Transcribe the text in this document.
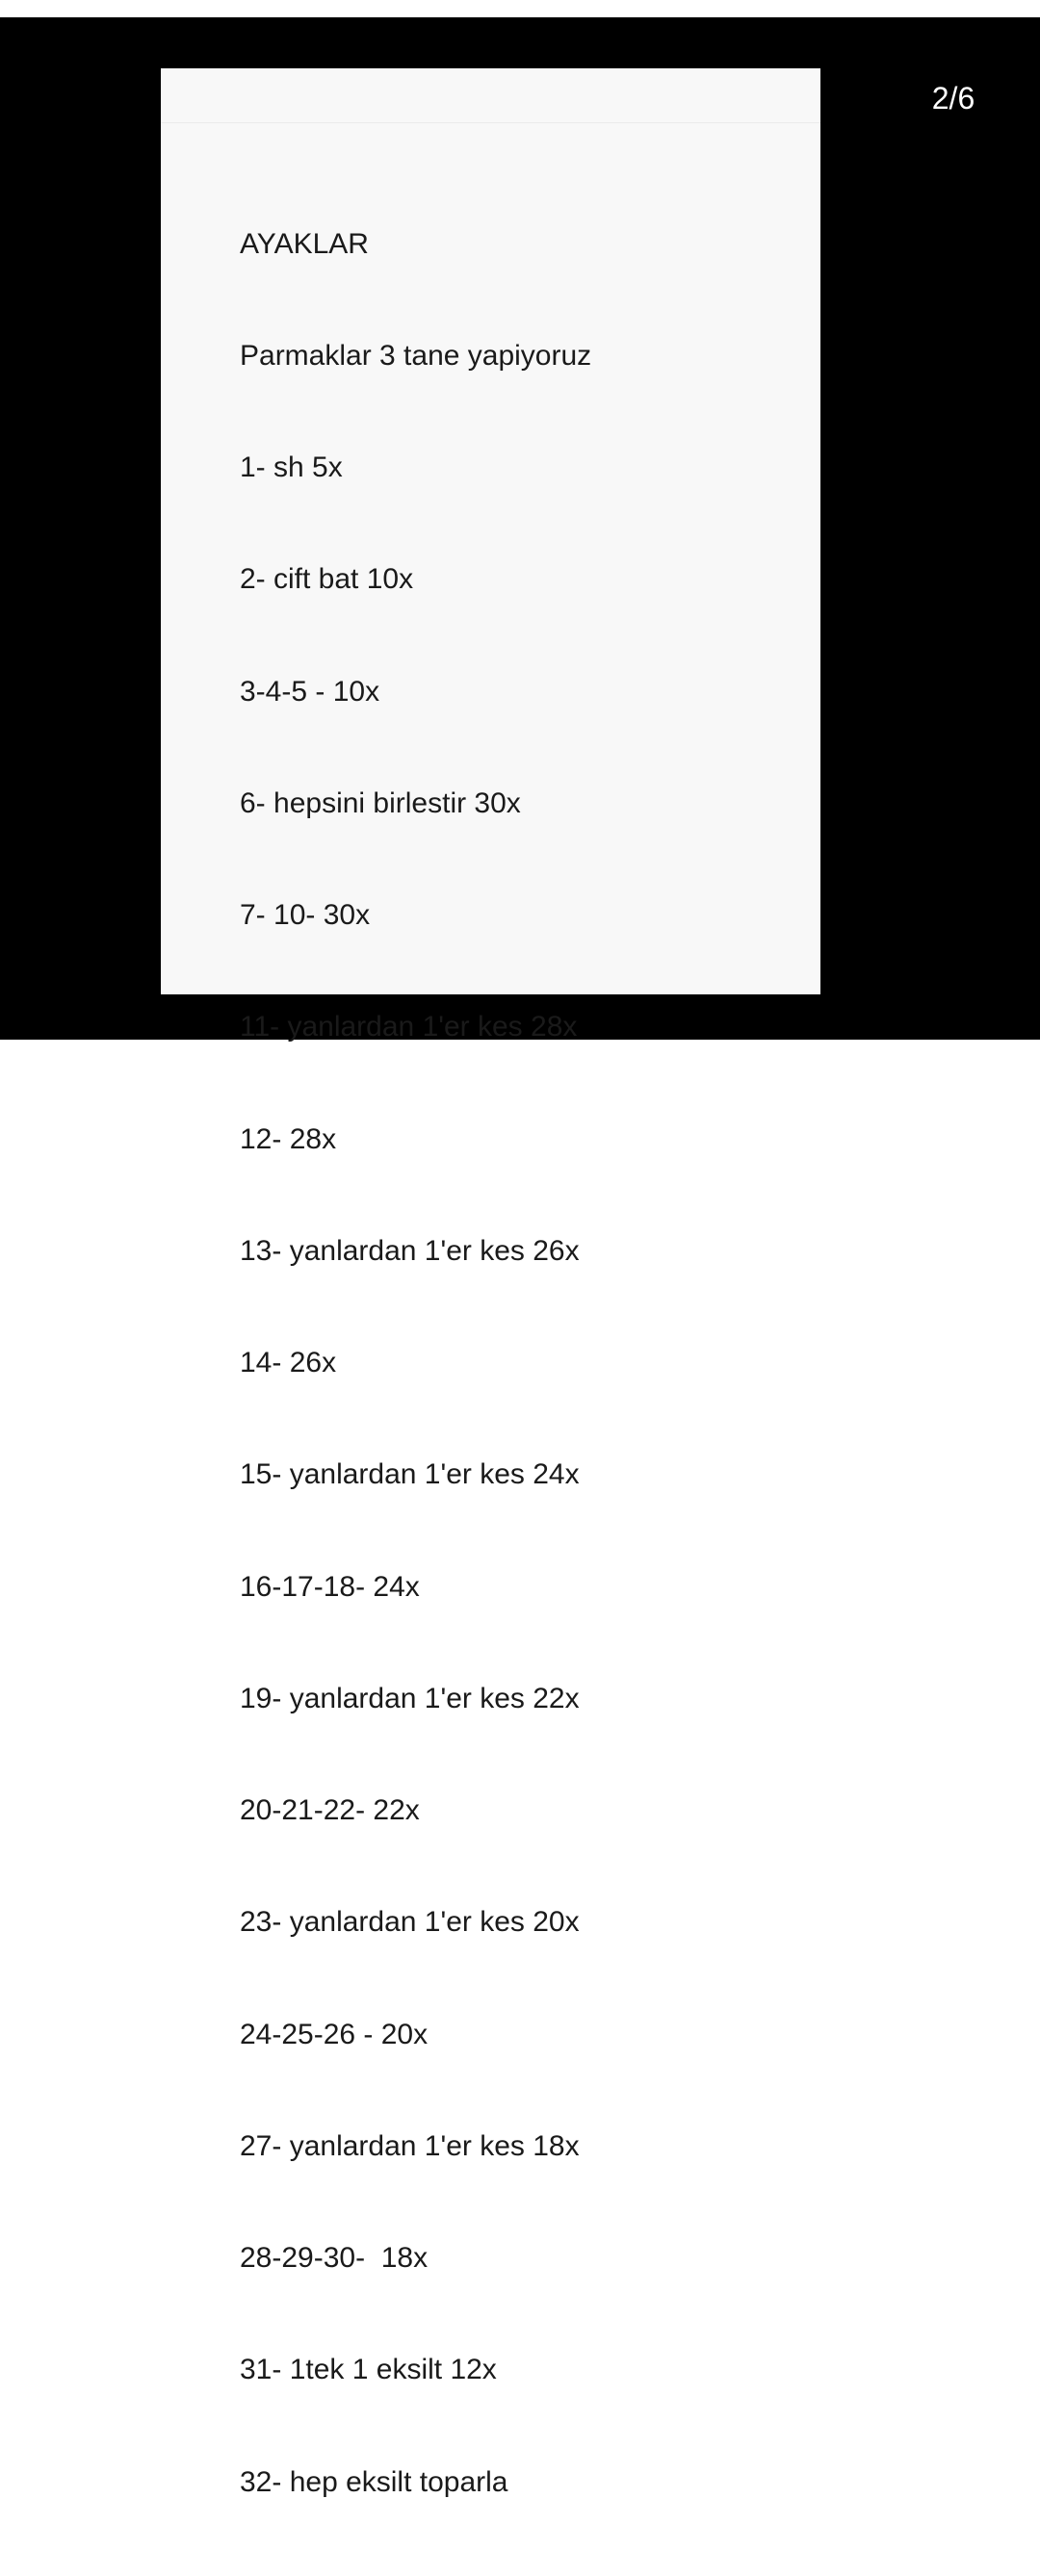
2/6

AYAKLAR

Parmaklar 3 tane yapiyoruz

1- sh 5x

2- cift bat 10x

3-4-5 - 10x

6- hepsini birlestir 30x

7- 10- 30x

11- yanlardan 1'er kes 28x

12- 28x

13- yanlardan 1'er kes 26x

14- 26x

15- yanlardan 1'er kes 24x

16-17-18- 24x

19- yanlardan 1'er kes 22x

20-21-22- 22x

23- yanlardan 1'er kes 20x

24-25-26 - 20x

27- yanlardan 1'er kes 18x

28-29-30-  18x

31- 1tek 1 eksilt 12x

32- hep eksilt toparla
